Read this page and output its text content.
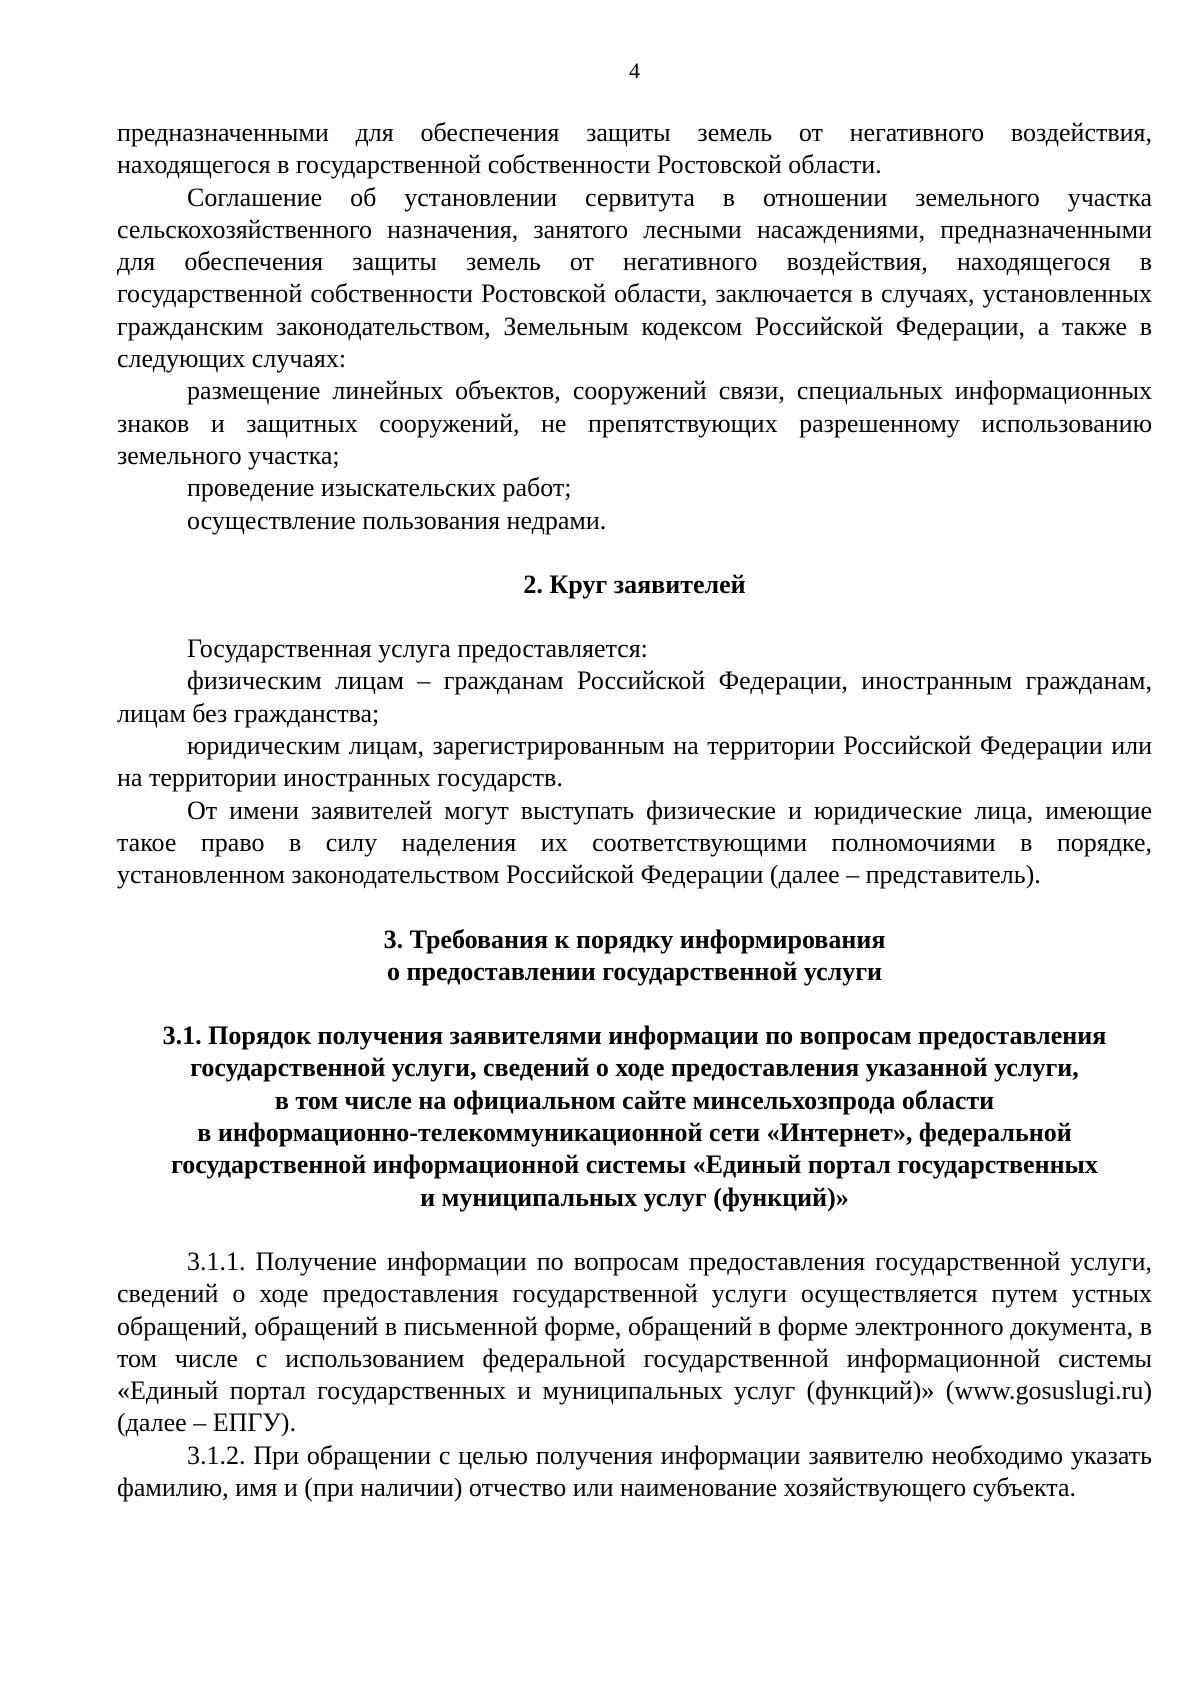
4

предназначенными для обеспечения защиты земель от негативного воздействия, находящегося в государственной собственности Ростовской области.

Соглашение об установлении сервитута в отношении земельного участка сельскохозяйственного назначения, занятого лесными насаждениями, предназначенными для обеспечения защиты земель от негативного воздействия, находящегося в государственной собственности Ростовской области, заключается в случаях, установленных гражданским законодательством, Земельным кодексом Российской Федерации, а также в следующих случаях:

размещение линейных объектов, сооружений связи, специальных информационных знаков и защитных сооружений, не препятствующих разрешенному использованию земельного участка;

проведение изыскательских работ;

осуществление пользования недрами.

2. Круг заявителей

Государственная услуга предоставляется:

физическим лицам – гражданам Российской Федерации, иностранным гражданам, лицам без гражданства;

юридическим лицам, зарегистрированным на территории Российской Федерации или на территории иностранных государств.

От имени заявителей могут выступать физические и юридические лица, имеющие такое право в силу наделения их соответствующими полномочиями в порядке, установленном законодательством Российской Федерации (далее – представитель).

3. Требования к порядку информирования
о предоставлении государственной услуги
3.1. Порядок получения заявителями информации по вопросам предоставления
государственной услуги, сведений о ходе предоставления указанной услуги,
в том числе на официальном сайте минсельхозпрода области
в информационно-телекоммуникационной сети «Интернет», федеральной
государственной информационной системы «Единый портал государственных
и муниципальных услуг (функций)»

3.1.1. Получение информации по вопросам предоставления государственной услуги, сведений о ходе предоставления государственной услуги осуществляется путем устных обращений, обращений в письменной форме, обращений в форме электронного документа, в том числе с использованием федеральной государственной информационной системы «Единый портал государственных и муниципальных услуг (функций)» (www.gosuslugi.ru) (далее – ЕПГУ).

3.1.2. При обращении с целью получения информации заявителю необходимо указать фамилию, имя и (при наличии) отчество или наименование хозяйствующего субъекта.
